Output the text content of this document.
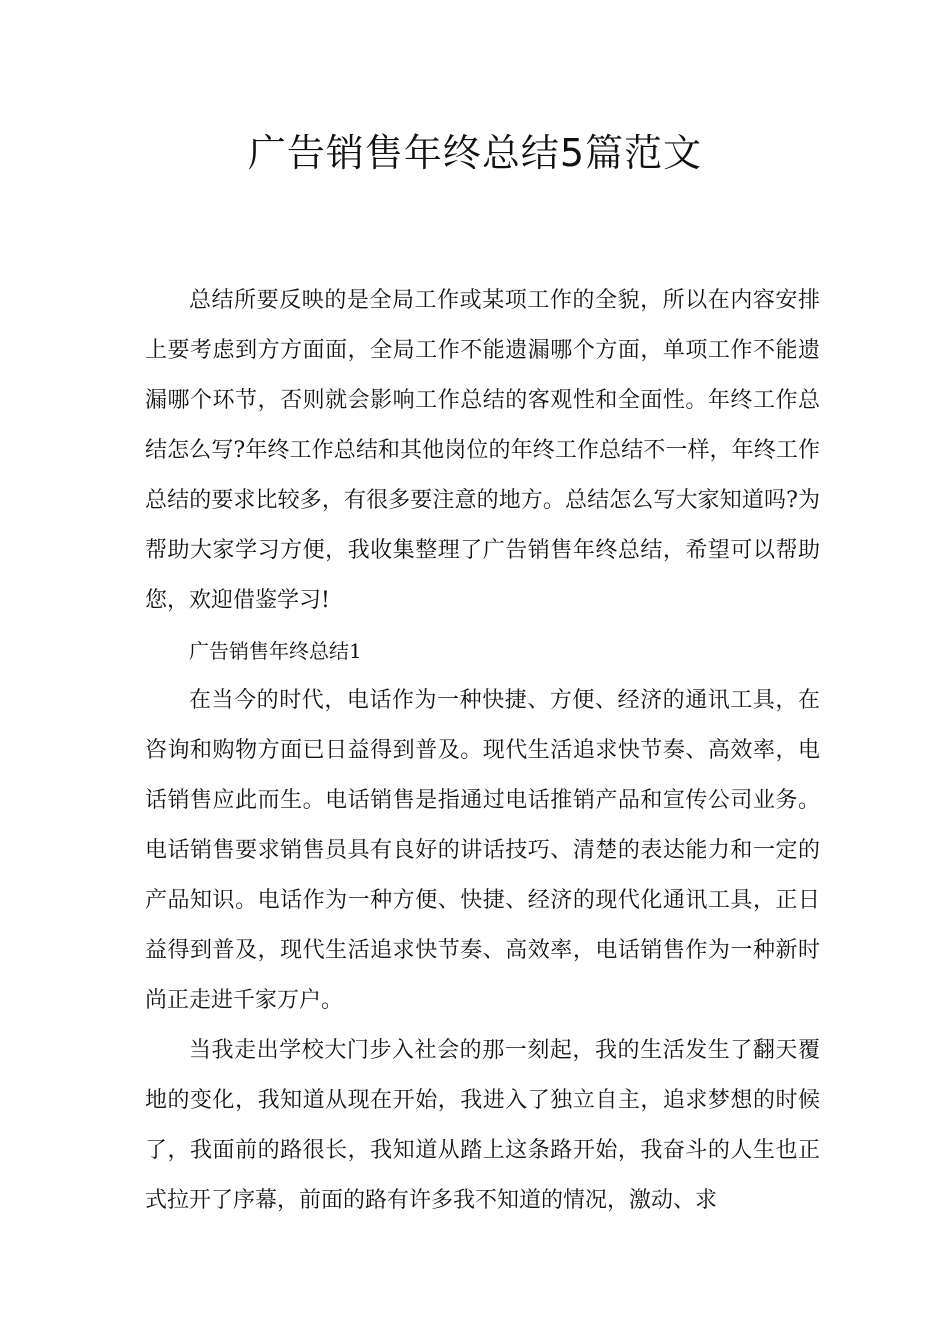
广告销售年终总结5篇范文

总结所要反映的是全局工作或某项工作的全貌，所以在内容安排上要考虑到方方面面，全局工作不能遗漏哪个方面，单项工作不能遗漏哪个环节，否则就会影响工作总结的客观性和全面性。年终工作总结怎么写?年终工作总结和其他岗位的年终工作总结不一样，年终工作总结的要求比较多，有很多要注意的地方。总结怎么写大家知道吗?为帮助大家学习方便，我收集整理了广告销售年终总结，希望可以帮助您，欢迎借鉴学习!

广告销售年终总结1

在当今的时代，电话作为一种快捷、方便、经济的通讯工具，在咨询和购物方面已日益得到普及。现代生活追求快节奏、高效率，电话销售应此而生。电话销售是指通过电话推销产品和宣传公司业务。电话销售要求销售员具有良好的讲话技巧、清楚的表达能力和一定的产品知识。电话作为一种方便、快捷、经济的现代化通讯工具，正日益得到普及，现代生活追求快节奏、高效率，电话销售作为一种新时尚正走进千家万户。

当我走出学校大门步入社会的那一刻起，我的生活发生了翻天覆地的变化，我知道从现在开始，我进入了独立自主，追求梦想的时候了，我面前的路很长，我知道从踏上这条路开始，我奋斗的人生也正式拉开了序幕，前面的路有许多我不知道的情况，激动、求
